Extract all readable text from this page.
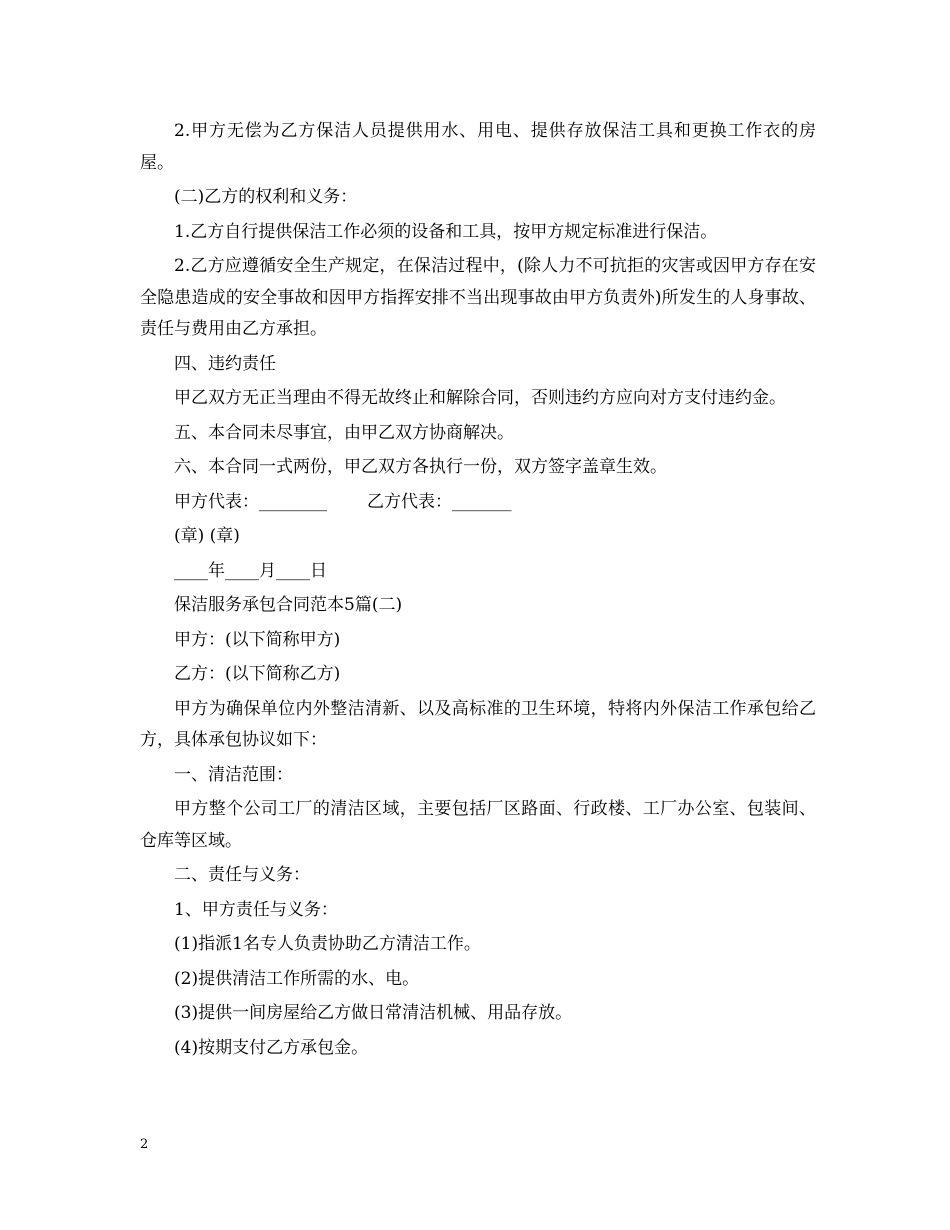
2.甲方无偿为乙方保洁人员提供用水、用电、提供存放保洁工具和更换工作衣的房屋。

(二)乙方的权利和义务：

1.乙方自行提供保洁工作必须的设备和工具，按甲方规定标准进行保洁。

2.乙方应遵循安全生产规定，在保洁过程中，(除人力不可抗拒的灾害或因甲方存在安全隐患造成的安全事故和因甲方指挥安排不当出现事故由甲方负责外)所发生的人身事故、责任与费用由乙方承担。

四、违约责任

甲乙双方无正当理由不得无故终止和解除合同，否则违约方应向对方支付违约金。

五、本合同未尽事宜，由甲乙双方协商解决。

六、本合同一式两份，甲乙双方各执行一份，双方签字盖章生效。

甲方代表：________ 乙方代表：_______
(章) (章)
____年____月____日

保洁服务承包合同范本5篇(二)

甲方：(以下简称甲方)

乙方：(以下简称乙方)

甲方为确保单位内外整洁清新、以及高标准的卫生环境，特将内外保洁工作承包给乙方，具体承包协议如下：

一、清洁范围：

甲方整个公司工厂的清洁区域，主要包括厂区路面、行政楼、工厂办公室、包装间、仓库等区域。

二、责任与义务：

1、甲方责任与义务：

(1)指派1名专人负责协助乙方清洁工作。

(2)提供清洁工作所需的水、电。

(3)提供一间房屋给乙方做日常清洁机械、用品存放。

(4)按期支付乙方承包金。

2
